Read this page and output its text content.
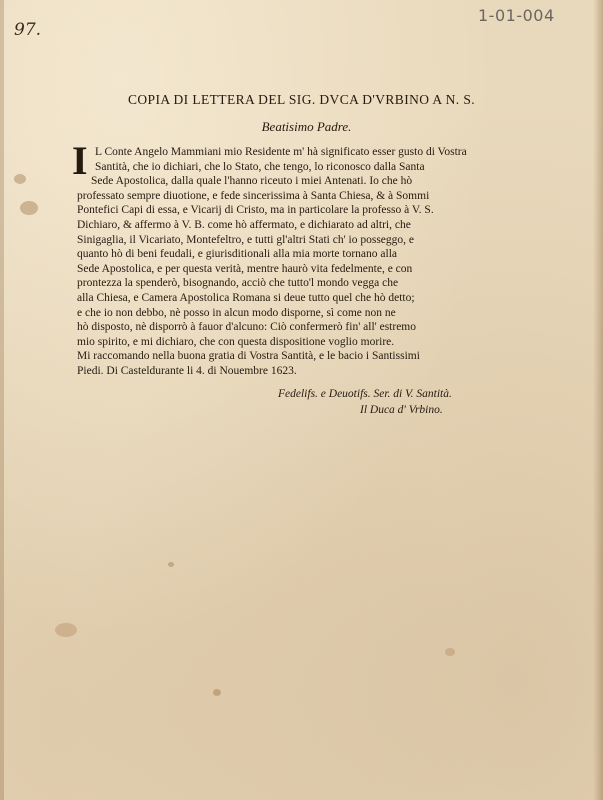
97.
1-01-004
COPIA DI LETTERA DEL SIG. DVCA D'VRBINO A N. S.
Beatisimo Padre.
I L Conte Angelo Mammiani mio Residente m' hà significato esser gusto di Vostra
Santità, che io dichiari, che lo Stato, che tengo, lo riconosco dalla Santa
Sede Apostolica, dalla quale l'hanno riceuto i miei Antenati. Io che hò
professato sempre diuotione, e fede sincerissima à Santa Chiesa, & à Sommi
Pontefici Capi di essa, e Vicarij di Cristo, ma in particolare la professo à V. S.
Dichiaro, & affermo à V. B. come hò affermato, e dichiarato ad altri, che
Sinigaglia, il Vicariato, Montefeltro, e tutti gl'altri Stati ch' io posseggo, e
quanto hò di beni feudali, e giurisditionali alla mia morte tornano alla
Sede Apostolica, e per questa verità, mentre haurò vita fedelmente, e con
prontezza la spenderò, bisognando, acciò che tutto'l mondo vegga che
alla Chiesa, e Camera Apostolica Romana si deue tutto quel che hò detto;
e che io non debbo, nè posso in alcun modo disporne, sì come non ne
hò disposto, nè disporrò à fauor d'alcuno: Ciò confermerò fin' all' estremo
mio spirito, e mi dichiaro, che con questa dispositione voglio morire.
Mi raccomando nella buona gratia di Vostra Santità, e le bacio i Santissimi
Piedi. Di Casteldurante li 4. di Nouembre 1623.
Fedelifs. e Deuotifs. Ser. di V. Santità.
Il Duca d' Vrbino.
